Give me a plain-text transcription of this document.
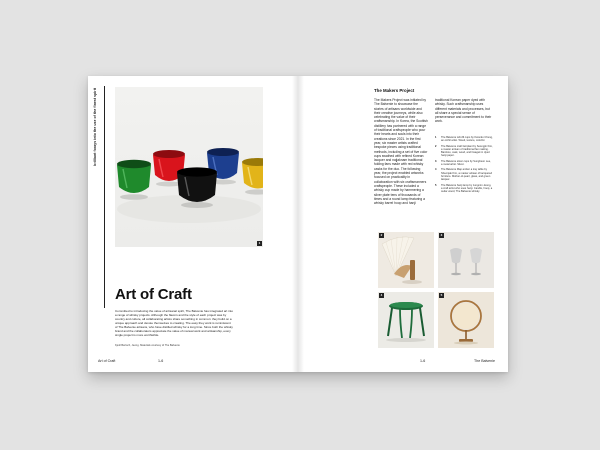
brilliant forays into the use of the finest spirit
1
Art of Craft

Committed to introducing the value of artisanal spirit, The Balvenie has integrated art into a range of whisky projects. Although the flavors and the style of each project was by country and culture, all collaborating artists share something in common: they build on a unique approach and devote themselves to creating. The easy they work is reminiscent of The Balvenie artisans, who have distilled whisky for a long time. Since both the whisky brand and the collaborators appreciate the value of manual work and artisanship, every single project is more worthwhile.

Kjetil Bertsch, Jeong. Materials courtesy of The Balvenie

Art of Craft	1-6
The Makers Project

The Makers Project was initiated by The Balvenie to showcase the stories of artisans worldwide and their creative journeys, while also celebrating the value of their craftsmanship. In Korea, the Scottish distillery has partnered with a range of traditional craftspeople who pour their hearts and souls into their creations since 2021. In the first year, six master artists crafted bespoke pieces using traditional methods, including a set of five color cups swathed with refined Korean lacquer and najjaknam traditional folding fans made with red whisky casks for the duo. The following year, the project enabled artworks focused on practicality in collaboration with six craftsmanners craftspeople. These included a whisky cup made by hammering a silver plate tens of thousands of times and a round lamp featuring a whisky barrel hoop and hanji

traditional Korean paper dyed with whisky. Such craftsmanship uses different materials and processes, but all share a special sense of perseverance and commitment to their work.

1	The Balvenie whi-fill cups by Kwonko Chung, an otchil artist. Wood, texture, colorful.
2	The Balvenie craft fan/plant by Seongjin Kim, a master artisan of traditional fan making. Bamboo, cask, wood, and hwaguk in dyed hanji paper.
3	The Balvenie silver cups by Sungheon Lee, a metal artist. Silver.
4	The Balvenie Map amber a tray table by Sheonjak Kim, a master artisan of lacquered furniture. Mother-of-pearl, glass, and green lacquer.
5	The Balvenie hanji lamp by Jungmin Jeong, a craft artist who uses hanji. Candle, hoop, a cedar wood, The Balvenie whisky.
2	3
4	5
1-6	The Balvenie
